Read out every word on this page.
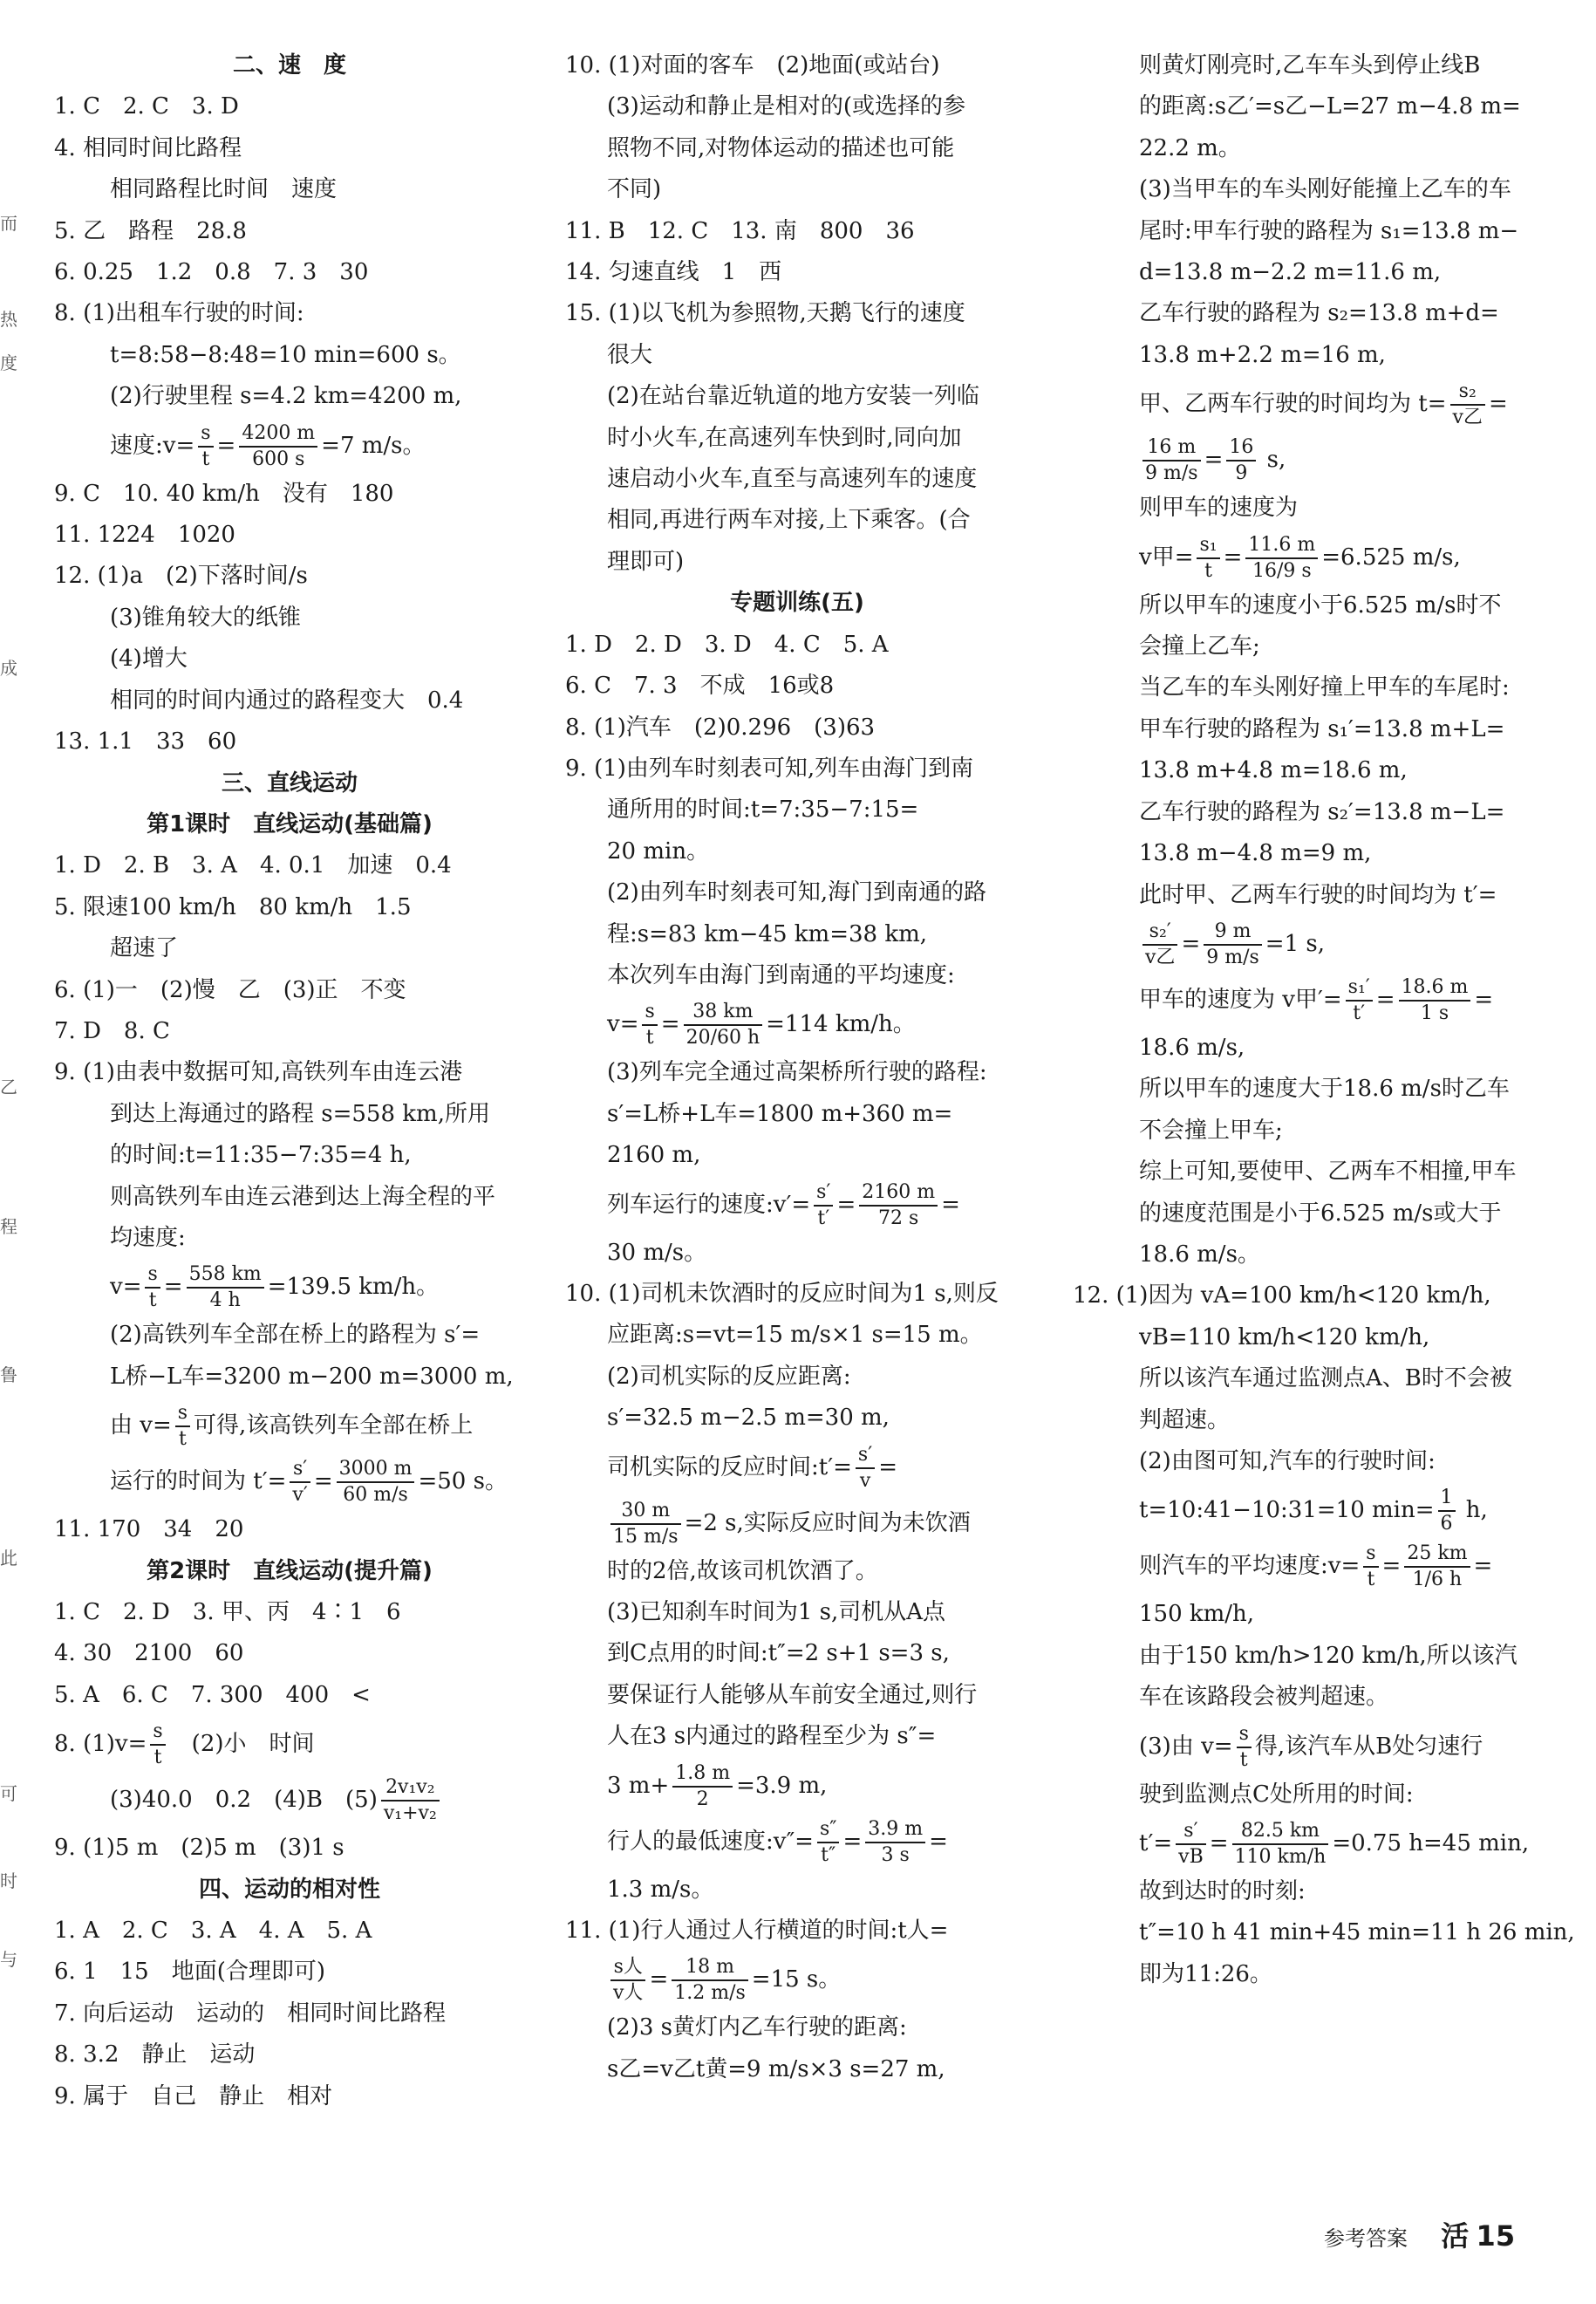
而
热
度
成
乙
程
鲁
此
可
时
与
二、速　度
1. C　2. C　3. D
4. 相同时间比路程
相同路程比时间　速度
5. 乙　路程　28.8
6. 0.25　1.2　0.8　7. 3　30
8. (1)出租车行驶的时间:
t=8:58−8:48=10 min=600 s。
(2)行驶里程 s=4.2 km=4200 m,
速度:v= $\frac{s}{t} = \frac{4200 m}{600 s} =7$ m/s。
9. C　10. 40 km/h　没有　180
11. 1224　1020
12. (1)a　(2)下落时间/s
(3)锥角较大的纸锥
(4)增大
相同的时间内通过的路程变大　0.4
13. 1.1　33　60
三、直线运动
第1课时　直线运动(基础篇)
1. D　2. B　3. A　4. 0.1　加速　0.4
5. 限速100 km/h　80 km/h　1.5
超速了
6. (1)一　(2)慢　乙　(3)正　不变
7. D　8. C
9. (1)由表中数据可知,高铁列车由连云港
到达上海通过的路程 s=558 km,所用
的时间:t=11:35−7:35=4 h,
则高铁列车由连云港到达上海全程的平
均速度:
$v= \frac{s}{t} = \frac{558 km}{4 h} =139.5$ km/h。
(2)高铁列车全部在桥上的路程为 s′=
L桥−L车=3200 m−200 m=3000 m,
由 $v= \frac{s}{t}$ 可得,该高铁列车全部在桥上
运行的时间为 $t'= \frac{s'}{v'} = \frac{3000 m}{60 m/s} =50$ s。
11. 170　34　20
第2课时　直线运动(提升篇)
1. C　2. D　3. 甲、丙　4∶1　6
4. 30　2100　60
5. A　6. C　7. 300　400　<
8. $(1)v= \frac{s}{t}$ 　(2)小　时间
(3)40.0　0.2　(4)B　$(5) \frac{\text{2v₁v₂}}{\text{v₁+v₂}}$
9. (1)5 m　(2)5 m　(3)1 s
四、运动的相对性
1. A　2. C　3. A　4. A　5. A
6. 1　15　地面(合理即可)
7. 向后运动　运动的　相同时间比路程
8. 3.2　静止　运动
9. 属于　自己　静止　相对
10. (1)对面的客车　(2)地面(或站台)
(3)运动和静止是相对的(或选择的参
照物不同,对物体运动的描述也可能
不同)
11. B　12. C　13. 南　800　36
14. 匀速直线　1　西
15. (1)以飞机为参照物,天鹅飞行的速度
很大
(2)在站台靠近轨道的地方安装一列临
时小火车,在高速列车快到时,同向加
速启动小火车,直至与高速列车的速度
相同,再进行两车对接,上下乘客。(合
理即可)
专题训练(五)
1. D　2. D　3. D　4. C　5. A
6. C　7. 3　不成　16或8
8. (1)汽车　(2)0.296　(3)63
9. (1)由列车时刻表可知,列车由海门到南
通所用的时间:t=7:35−7:15=
20 min。
(2)由列车时刻表可知,海门到南通的路
程:s=83 km−45 km=38 km,
本次列车由海门到南通的平均速度:
$v= \frac{s}{t} = \frac{38 km}{20/60 h} =114$ km/h。
(3)列车完全通过高架桥所行驶的路程:
s′=L桥+L车=1800 m+360 m=
2160 m,
列车运行的速度:v′= $\frac{s'}{t'} = \frac{2160 m}{72 s}$ =
30 m/s。
10. (1)司机未饮酒时的反应时间为1 s,则反
应距离:s=vt=15 m/s×1 s=15 m。
(2)司机实际的反应距离:
s′=32.5 m−2.5 m=30 m,
司机实际的反应时间:t′= $\frac{s'}{v}$ =
$\frac{30 m}{15 m/s} =2$ s,实际反应时间为未饮酒
时的2倍,故该司机饮酒了。
(3)已知刹车时间为1 s,司机从A点
到C点用的时间:t″=2 s+1 s=3 s,
要保证行人能够从车前安全通过,则行
人在3 s内通过的路程至少为 s″=
3 $m+ \frac{1.8 m}{2} =3.9$ m,
行人的最低速度:v″= $\frac{s''}{t''} = \frac{3.9 m}{3 s}$ =
1.3 m/s。
11. (1)行人通过人行横道的时间:t人=
$\frac{\text{s人}}{\text{v人}} = \frac{18 m}{1.2 m/s} =15$ s。
(2)3 s黄灯内乙车行驶的距离:
s乙=v乙t黄=9 m/s×3 s=27 m,
则黄灯刚亮时,乙车车头到停止线B
的距离:s乙′=s乙−L=27 m−4.8 m=
22.2 m。
(3)当甲车的车头刚好能撞上乙车的车
尾时:甲车行驶的路程为 s₁=13.8 m−
d=13.8 m−2.2 m=11.6 m,
乙车行驶的路程为 s₂=13.8 m+d=
13.8 m+2.2 m=16 m,
甲、乙两车行驶的时间均为 $t= \frac{\text{s₂}}{\text{v乙}}$ =
$\frac{16 m}{9 m/s} = \frac{16}{9} s$,
则甲车的速度为
v甲= $\frac{\text{s₁}}{t} = \frac{11.6 m}{16/9 s} =6.525$ m/s,
所以甲车的速度小于6.525 m/s时不
会撞上乙车;
当乙车的车头刚好撞上甲车的车尾时:
甲车行驶的路程为 s₁′=13.8 m+L=
13.8 m+4.8 m=18.6 m,
乙车行驶的路程为 s₂′=13.8 m−L=
13.8 m−4.8 m=9 m,
此时甲、乙两车行驶的时间均为 t′=
$\frac{\text{s₂′}}{\text{v乙}} = \frac{9 m}{9 m/s} =1$ s,
甲车的速度为 v甲′= $\frac{\text{s₁′}}{t'} = \frac{18.6 m}{1 s}$ =
18.6 m/s,
所以甲车的速度大于18.6 m/s时乙车
不会撞上甲车;
综上可知,要使甲、乙两车不相撞,甲车
的速度范围是小于6.525 m/s或大于
18.6 m/s。
12. (1)因为 vA=100 km/h<120 km/h,
vB=110 km/h<120 km/h,
所以该汽车通过监测点A、B时不会被
判超速。
(2)由图可知,汽车的行驶时间:
t=10:41−10:31=10 $\min= \frac{1}{6} h$,
则汽车的平均速度:v= $\frac{s}{t} = \frac{25 km}{1/6 h}$ =
150 km/h,
由于150 km/h>120 km/h,所以该汽
车在该路段会被判超速。
(3)由 $v= \frac{s}{t}$ 得,该汽车从B处匀速行
驶到监测点C处所用的时间:
$t'= \frac{s'}{vB} = \frac{82.5 km}{110 km/h} =0.75$ h=45 min,
故到达时的时刻:
t″=10 h 41 min+45 min=11 h 26 min,
即为11:26。
参考答案 活 15
